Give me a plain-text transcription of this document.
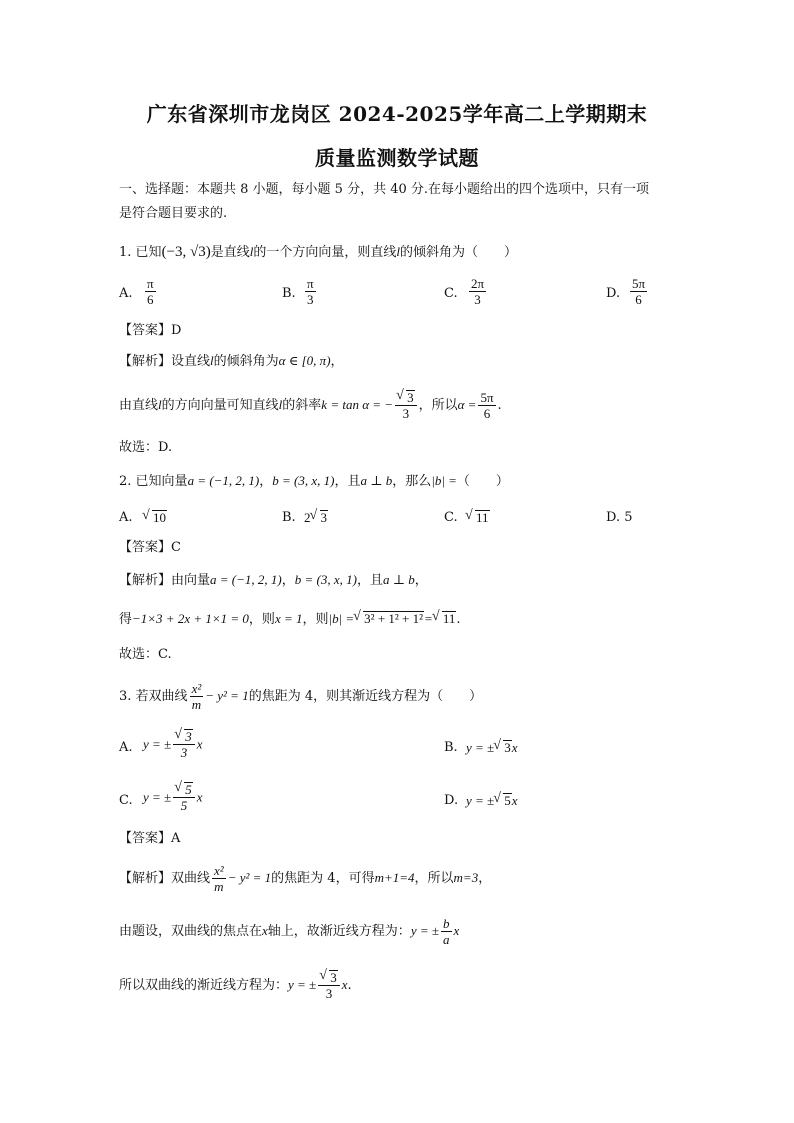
广东省深圳市龙岗区 2024-2025学年高二上学期期末
质量监测数学试题
一、选择题：本题共 8 小题，每小题 5 分，共 40 分.在每小题给出的四个选项中，只有一项
是符合题目要求的.
1. 已知(−3, √3)是直线l的一个方向向量，则直线l的倾斜角为（　　）
A. $\frac{\pi}{6}$	B. $\frac{\pi}{3}$	C. $\frac{2\pi}{3}$	D. $\frac{5\pi}{6}$
【答案】D
【解析】设直线l的倾斜角为α ∈ [0, π)，
由直线l的方向向量可知直线l的斜率k = tan α = − √ $\frac{3}{3}$ ，所以$\alpha = \frac{5\pi}{6}$ .
故选：D.
2. 已知向量a = (−1, 2, 1)，b = (3, x, 1)，且a ⊥ b，那么|b| =（　　）
A.	√ 10	B. 2 √ 3	C.	√ 11	D. 5
【答案】C
【解析】由向量a = (−1, 2, 1)，b = (3, x, 1)，且a ⊥ b，
得−1×3 + 2x + 1×1 = 0，则x = 1，则|b| = √ 3² + 1² + 1²= √ 11.
故选：C.
3. 若双曲线 $\frac{\text{x²}}{m} - y^2 = 1$的焦距为 4，则其渐近线方程为（　　）
A. y = ± √ $\frac{3}{3}$ x	B. y = ± √ 3x
C. y = ± √ $\frac{5}{5}$ x	D. y = ± √ 5x
【答案】A
【解析】双曲线 $\frac{\text{x²}}{m} - y^2 = 1$的焦距为 4，可得m+1=4，所以m=3，
由题设，双曲线的焦点在x轴上，故渐近线方程为：y = ± $\frac{b}{a}$ x
所以双曲线的渐近线方程为：y = ± √ $\frac{3}{3} x$.
